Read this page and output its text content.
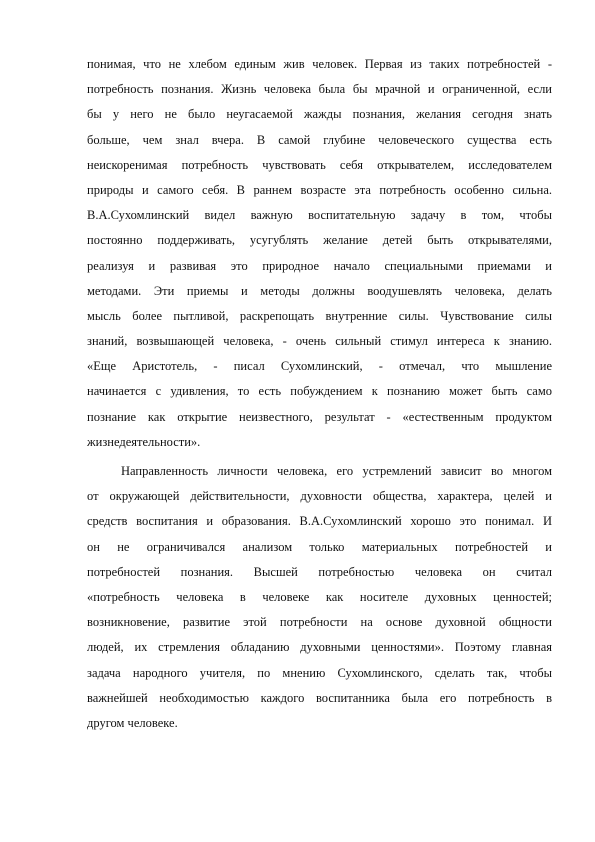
понимая, что не хлебом единым жив человек. Первая из таких потребностей -
потребность познания. Жизнь человека была бы мрачной и ограниченной, если
бы у него не было неугасаемой жажды познания, желания сегодня знать
больше, чем знал вчера. В самой глубине человеческого существа есть
неискоренимая потребность чувствовать себя открывателем, исследователем
природы и самого себя. В раннем возрасте эта потребность особенно сильна.
В.А.Сухомлинский видел важную воспитательную задачу в том, чтобы
постоянно поддерживать, усугублять желание детей быть открывателями,
реализуя и развивая это природное начало специальными приемами и
методами. Эти приемы и методы должны воодушевлять человека, делать
мысль более пытливой, раскрепощать внутренние силы. Чувствование силы
знаний, возвышающей человека, - очень сильный стимул интереса к знанию.
«Еще Аристотель, - писал Сухомлинский, - отмечал, что мышление
начинается с удивления, то есть побуждением к познанию может быть само
познание как открытие неизвестного, результат - «естественным продуктом
жизнедеятельности».
Направленность личности человека, его устремлений зависит во многом
от окружающей действительности, духовности общества, характера, целей и
средств воспитания и образования. В.А.Сухомлинский хорошо это понимал. И
он не ограничивался анализом только материальных потребностей и
потребностей познания. Высшей потребностью человека он считал
«потребность человека в человеке как носителе духовных ценностей;
возникновение, развитие этой потребности на основе духовной общности
людей, их стремления обладанию духовными ценностями». Поэтому главная
задача народного учителя, по мнению Сухомлинского, сделать так, чтобы
важнейшей необходимостью каждого воспитанника была его потребность в
другом человеке.
